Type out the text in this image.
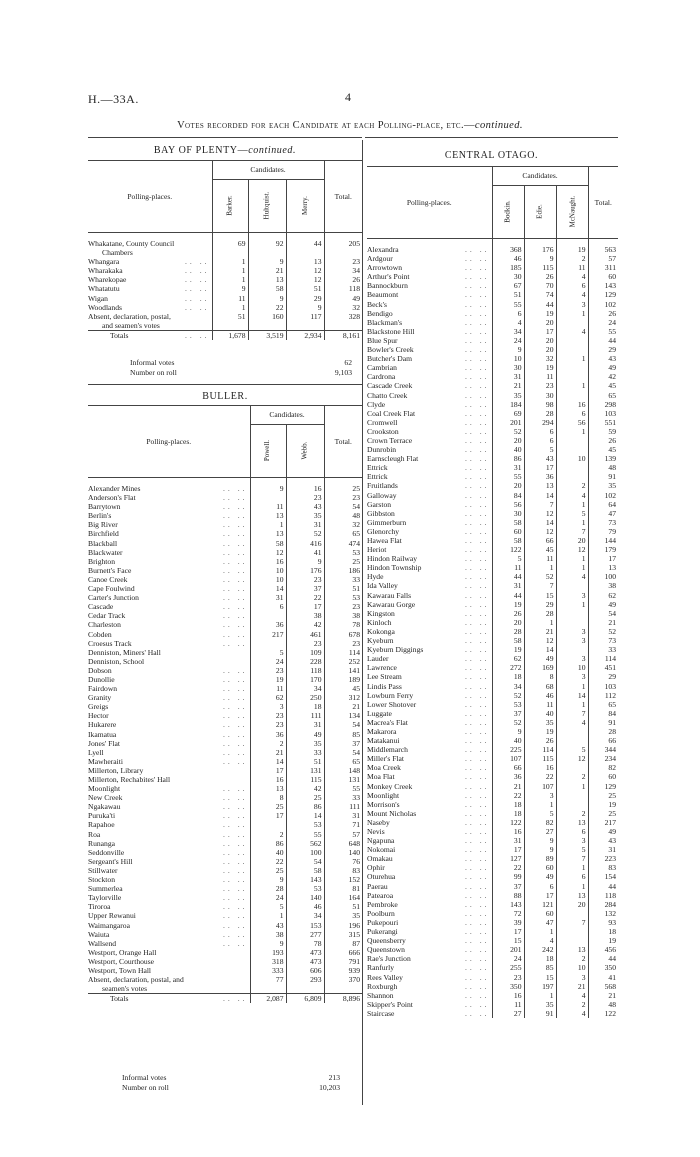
H.—33A.	4
Votes recorded for each Candidate at each Polling-place, etc.—continued.
BAY OF PLENTY—continued.
Polling-places.	Candidates.			Total.
	Barker.	Hultquist.	Merry.	
Whakatane, County Council	69	92	44	205
Chambers				
Whangara .. ..	1	9	13	23
Wharakaka .. ..	1	21	12	34
Wharekopae .. ..	1	13	12	26
Whatatutu .. ..	9	58	51	118
Wigan .. ..	11	9	29	49
Woodlands .. ..	1	22	9	32
Absent, declaration, postal,	51	160	117	328
and seamen's votes				
Totals .. ..	1,678	3,519	2,934	8,161
Informal votes	62
Number on roll	9,103
BULLER.
Polling-places.	Candidates.		Total.
	Powell.	Webb.	
Alexander Mines .. ..	9	16	25
Anderson's Flat .. ..		23	23
Barrytown .. ..	11	43	54
Berlin's .. ..	13	35	48
Big River .. ..	1	31	32
Birchfield .. ..	13	52	65
Blackball .. ..	58	416	474
Blackwater .. ..	12	41	53
Brighton .. ..	16	9	25
Burnett's Face .. ..	10	176	186
Canoe Creek .. ..	10	23	33
Cape Foulwind .. ..	14	37	51
Carter's Junction .. ..	31	22	53
Cascade .. ..	6	17	23
Cedar Track .. ..		38	38
Charleston .. ..	36	42	78
Cobden .. ..	217	461	678
Croesus Track .. ..		23	23
Denniston, Miners' Hall	5	109	114
Denniston, School	24	228	252
Dobson .. ..	23	118	141
Dunollie .. ..	19	170	189
Fairdown .. ..	11	34	45
Granity .. ..	62	250	312
Greigs .. ..	3	18	21
Hector .. ..	23	111	134
Hukarere .. ..	23	31	54
Ikamatua .. ..	36	49	85
Jones' Flat .. ..	2	35	37
Lyell .. ..	21	33	54
Mawheraiti .. ..	14	51	65
Millerton, Library	17	131	148
Millerton, Rechabites' Hall	16	115	131
Moonlight .. ..	13	42	55
New Creek .. ..	8	25	33
Ngakawau .. ..	25	86	111
Puruka'ti .. ..	17	14	31
Rapahoe .. ..		53	71
Roa .. ..	2	55	57
Runanga .. ..	86	562	648
Seddonville .. ..	40	100	140
Sergeant's Hill .. ..	22	54	76
Stillwater .. ..	25	58	83
Stockton .. ..	9	143	152
Summerlea .. ..	28	53	81
Taylorville .. ..	24	140	164
Tiroroa .. ..	5	46	51
Upper Rewanui .. ..	1	34	35
Waimangaroa .. ..	43	153	196
Waiuta .. ..	38	277	315
Wallsend .. ..	9	78	87
Westport, Orange Hall	193	473	666
Westport, Courthouse	318	473	791
Westport, Town Hall	333	606	939
Absent, declaration, postal, and	77	293	370
seamen's votes			
Totals .. ..	2,087	6,809	8,896
Informal votes	213
Number on roll	10,203
CENTRAL OTAGO.
Polling-places.	Candidates.			Total.
	Bodkin.	Edie.	McNaught.	
Alexandra .. ..	368	176	19	563
Ardgour .. ..	46	9	2	57
Arrowtown .. ..	185	115	11	311
Arthur's Point .. ..	30	26	4	60
Bannockburn .. ..	67	70	6	143
Beaumont .. ..	51	74	4	129
Beck's .. ..	55	44	3	102
Bendigo .. ..	6	19	1	26
Blackman's .. ..	4	20		24
Blackstone Hill .. ..	34	17	4	55
Blue Spur .. ..	24	20		44
Bowler's Creek .. ..	9	20		29
Butcher's Dam .. ..	10	32	1	43
Cambrian .. ..	30	19		49
Cardrona .. ..	31	11		42
Cascade Creek .. ..	21	23	1	45
Chatto Creek .. ..	35	30		65
Clyde .. ..	184	98	16	298
Coal Creek Flat .. ..	69	28	6	103
Cromwell .. ..	201	294	56	551
Crookston .. ..	52	6	1	59
Crown Terrace .. ..	20	6		26
Dunrobin .. ..	40	5		45
Earnscleugh Flat .. ..	86	43	10	139
Ettrick .. ..	31	17		48
Ettrick .. ..	55	36		91
Fruitlands .. ..	20	13	2	35
Galloway .. ..	84	14	4	102
Garston .. ..	56	7	1	64
Gibbston .. ..	30	12	5	47
Gimmerburn .. ..	58	14	1	73
Glenorchy .. ..	60	12	7	79
Hawea Flat .. ..	58	66	20	144
Heriot .. ..	122	45	12	179
Hindon Railway .. ..	5	11	1	17
Hindon Township .. ..	11	1	1	13
Hyde .. ..	44	52	4	100
Ida Valley .. ..	31	7		38
Kawarau Falls .. ..	44	15	3	62
Kawarau Gorge .. ..	19	29	1	49
Kingston .. ..	26	28		54
Kinloch .. ..	20	1		21
Kokonga .. ..	28	21	3	52
Kyeburn .. ..	58	12	3	73
Kyeburn Diggings .. ..	19	14		33
Lauder .. ..	62	49	3	114
Lawrence .. ..	272	169	10	451
Lee Stream .. ..	18	8	3	29
Lindis Pass .. ..	34	68	1	103
Lowburn Ferry .. ..	52	46	14	112
Lower Shotover .. ..	53	11	1	65
Luggate .. ..	37	40	7	84
Macrea's Flat .. ..	52	35	4	91
Makarora .. ..	9	19		28
Matakanui .. ..	40	26		66
Middlemarch .. ..	225	114	5	344
Miller's Flat .. ..	107	115	12	234
Moa Creek .. ..	66	16		82
Moa Flat .. ..	36	22	2	60
Monkey Creek .. ..	21	107	1	129
Moonlight .. ..	22	3		25
Morrison's .. ..	18	1		19
Mount Nicholas .. ..	18	5	2	25
Naseby .. ..	122	82	13	217
Nevis .. ..	16	27	6	49
Ngapuna .. ..	31	9	3	43
Nokomai .. ..	17	9	5	31
Omakau .. ..	127	89	7	223
Ophir .. ..	22	60	1	83
Oturehua .. ..	99	49	6	154
Paerau .. ..	37	6	1	44
Patearoa .. ..	88	17	13	118
Pembroke .. ..	143	121	20	284
Poolburn .. ..	72	60		132
Pukepouri .. ..	39	47	7	93
Pukerangi .. ..	17	1		18
Queensberry .. ..	15	4		19
Queenstown .. ..	201	242	13	456
Rae's Junction .. ..	24	18	2	44
Ranfurly .. ..	255	85	10	350
Rees Valley .. ..	23	15	3	41
Roxburgh .. ..	350	197	21	568
Shannon .. ..	16	1	4	21
Skipper's Point .. ..	11	35	2	48
Staircase .. ..	27	91	4	122
